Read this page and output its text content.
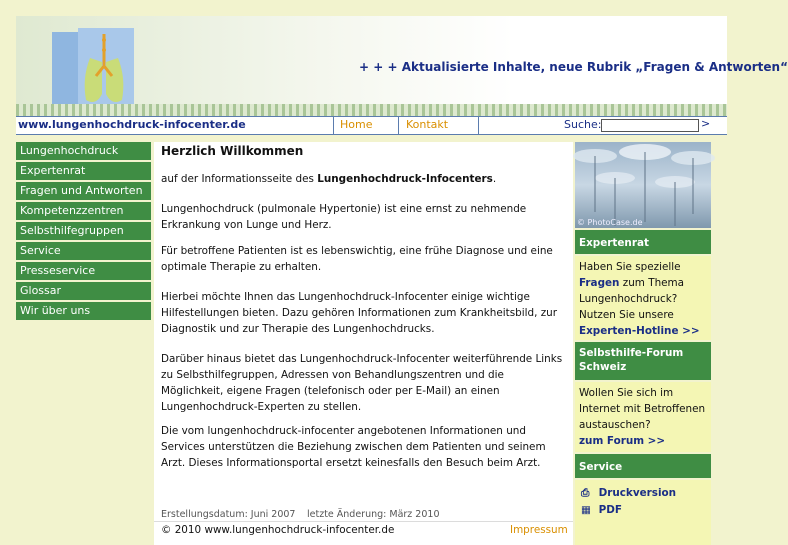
+ + + Aktualisierte Inhalte, neue Rubrik „Fragen & Antworten“
www.lungenhochdruck-infocenter.de	Home	Kontakt	Suche:	>
Lungenhochdruck
Expertenrat
Fragen und Antworten
Kompetenzzentren
Selbsthilfegruppen
Service
Presseservice
Glossar
Wir über uns
Herzlich Willkommen
auf der Informationsseite des Lungenhochdruck-Infocenters.
Lungenhochdruck (pulmonale Hypertonie) ist eine ernst zu nehmende Erkrankung von Lunge und Herz.
Für betroffene Patienten ist es lebenswichtig, eine frühe Diagnose und eine optimale Therapie zu erhalten.
Hierbei möchte Ihnen das Lungenhochdruck-Infocenter einige wichtige Hilfestellungen bieten. Dazu gehören Informationen zum Krankheitsbild, zur Diagnostik und zur Therapie des Lungenhochdrucks.
Darüber hinaus bietet das Lungenhochdruck-Infocenter weiterführende Links zu Selbsthilfegruppen, Adressen von Behandlungszentren und die Möglichkeit, eigene Fragen (telefonisch oder per E-Mail) an einen Lungenhochdruck-Experten zu stellen.
Die vom lungenhochdruck-infocenter angebotenen Informationen und Services unterstützen die Beziehung zwischen dem Patienten und seinem Arzt. Dieses Informationsportal ersetzt keinesfalls den Besuch beim Arzt.
Erstellungsdatum: Juni 2007 letzte Änderung: März 2010
© 2010 www.lungenhochdruck-infocenter.de	Impressum
© PhotoCase.de
Expertenrat
Haben Sie spezielle
Fragen zum Thema Lungenhochdruck? Nutzen Sie unsere
Experten-Hotline >>
Selbsthilfe-Forum Schweiz
Wollen Sie sich im Internet mit Betroffenen austauschen?
zum Forum >>
Service
⎙ Druckversion
▦ PDF
